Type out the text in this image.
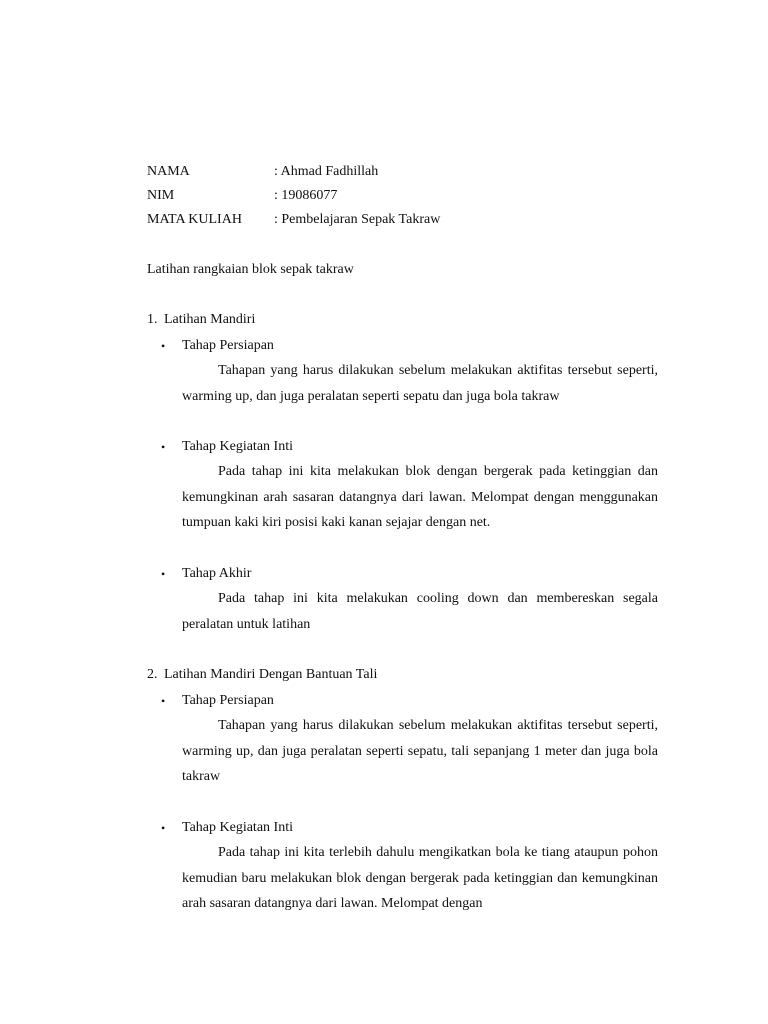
NAMA	: Ahmad Fadhillah
NIM	: 19086077
MATA KULIAH	: Pembelajaran Sepak Takraw
Latihan rangkaian blok sepak takraw
1. Latihan Mandiri
•	Tahap Persiapan
Tahapan yang harus dilakukan sebelum melakukan aktifitas tersebut seperti, warming up, dan juga peralatan seperti sepatu dan juga bola takraw
•	Tahap Kegiatan Inti
Pada tahap ini kita melakukan blok dengan bergerak pada ketinggian dan kemungkinan arah sasaran datangnya dari lawan. Melompat dengan menggunakan tumpuan kaki kiri posisi kaki kanan sejajar dengan net.
•	Tahap Akhir
Pada tahap ini kita melakukan cooling down dan membereskan segala peralatan untuk latihan
2. Latihan Mandiri Dengan Bantuan Tali
•	Tahap Persiapan
Tahapan yang harus dilakukan sebelum melakukan aktifitas tersebut seperti, warming up, dan juga peralatan seperti sepatu, tali sepanjang 1 meter dan juga bola takraw
•	Tahap Kegiatan Inti
Pada tahap ini kita terlebih dahulu mengikatkan bola ke tiang ataupun pohon kemudian baru melakukan blok dengan bergerak pada ketinggian dan kemungkinan arah sasaran datangnya dari lawan. Melompat dengan
